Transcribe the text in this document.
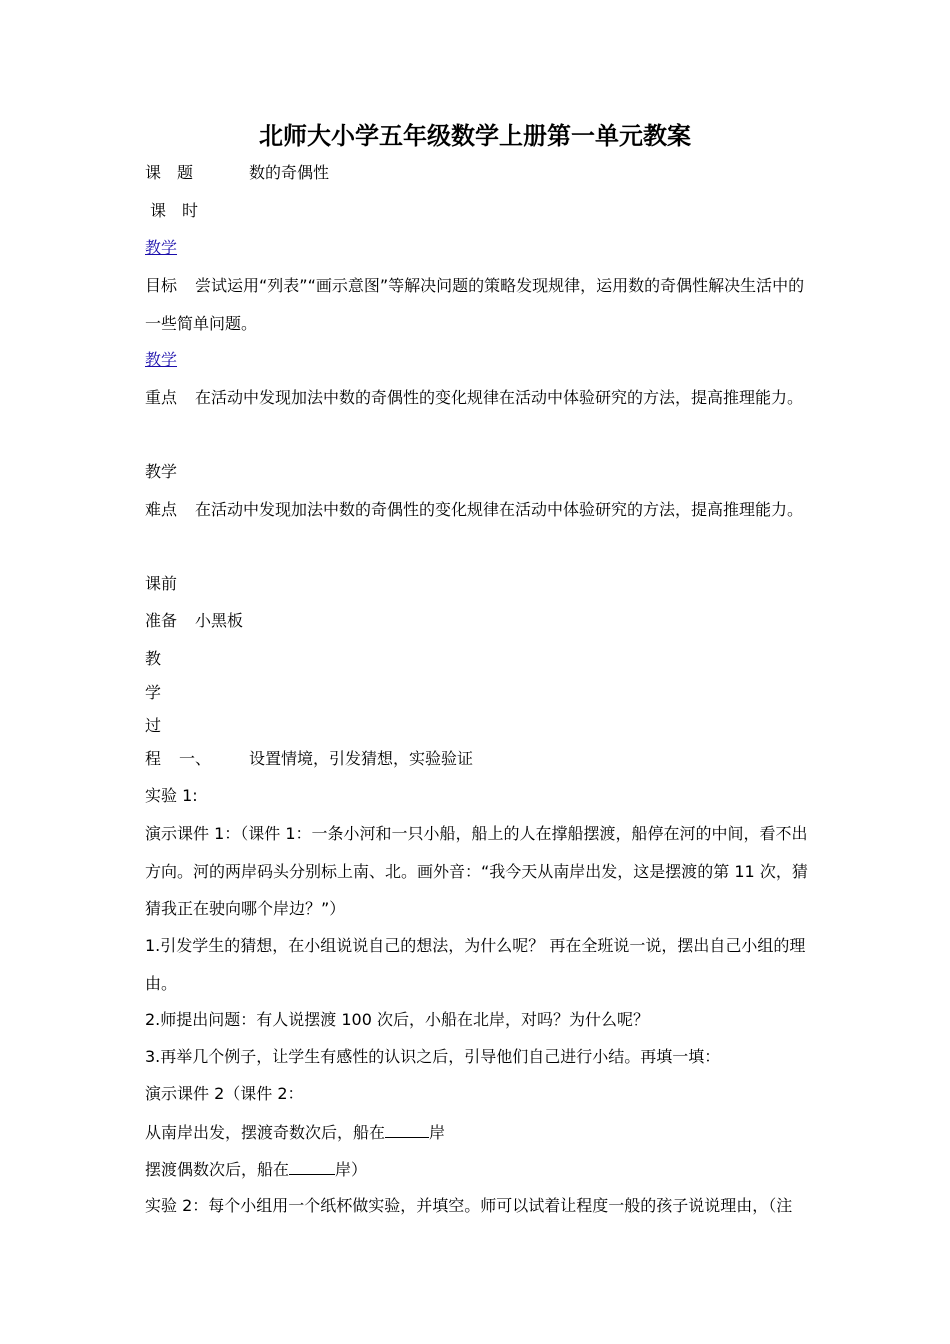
北师大小学五年级数学上册第一单元教案
课　题	数的奇偶性
课　时
教学
目标 尝试运用“列表”“画示意图”等解决问题的策略发现规律，运用数的奇偶性解决生活中的一些简单问题。
教学
重点 在活动中发现加法中数的奇偶性的变化规律在活动中体验研究的方法，提高推理能力。
教学
难点 在活动中发现加法中数的奇偶性的变化规律在活动中体验研究的方法，提高推理能力。
课前
准备 小黑板
教
学
过
程 一、 设置情境，引发猜想，实验验证
实验 1:
演示课件 1：（课件 1：一条小河和一只小船，船上的人在撑船摆渡，船停在河的中间，看不出方向。河的两岸码头分别标上南、北。画外音：“我今天从南岸出发，这是摆渡的第 11 次，猜猜我正在驶向哪个岸边？”）
1.引发学生的猜想，在小组说说自己的想法，为什么呢？ 再在全班说一说，摆出自己小组的理由。
2.师提出问题：有人说摆渡 100 次后，小船在北岸，对吗？为什么呢？
3.再举几个例子，让学生有感性的认识之后，引导他们自己进行小结。再填一填：
演示课件 2（课件 2：
从南岸出发，摆渡奇数次后，船在	岸
摆渡偶数次后，船在	岸）
实验 2：每个小组用一个纸杯做实验，并填空。师可以试着让程度一般的孩子说说理由，（注
